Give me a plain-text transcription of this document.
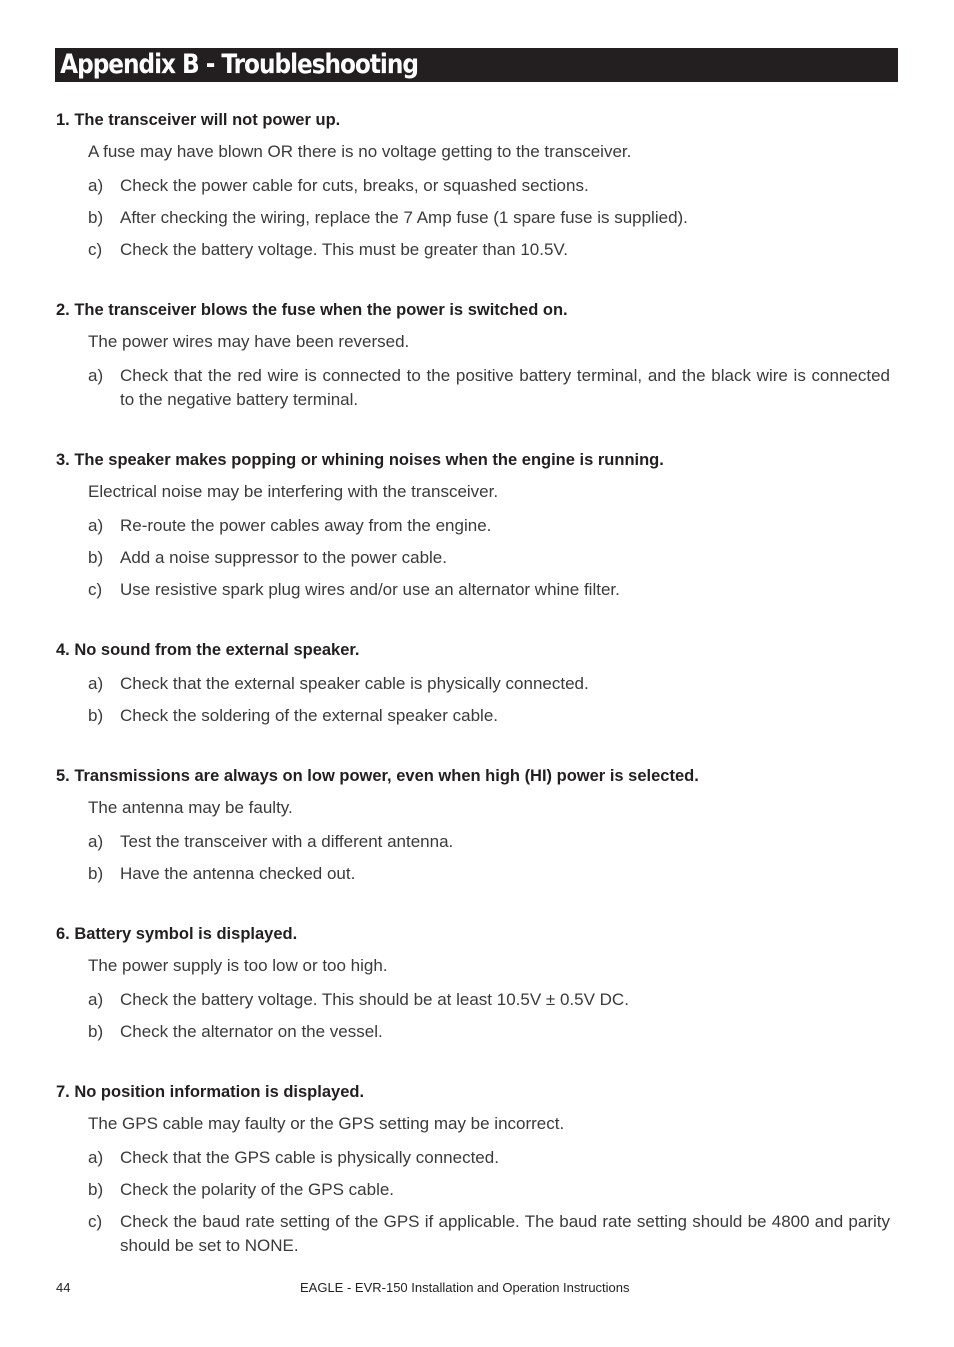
Appendix B - Troubleshooting
1. The transceiver will not power up.
A fuse may have blown OR there is no voltage getting to the transceiver.
a) Check the power cable for cuts, breaks, or squashed sections.
b) After checking the wiring, replace the 7 Amp fuse (1 spare fuse is supplied).
c)	Check the battery voltage. This must be greater than 10.5V.
2. The transceiver blows the fuse when the power is switched on.
The power wires may have been reversed.
a) Check that the red wire is connected to the positive battery terminal, and the black wire is connected to the negative battery terminal.
3. The speaker makes popping or whining noises when the engine is running.
Electrical noise may be interfering with the transceiver.
a) Re-route the power cables away from the engine.
b) Add a noise suppressor to the power cable.
c)	Use resistive spark plug wires and/or use an alternator whine filter.
4. No sound from the external speaker.
a) Check that the external speaker cable is physically connected.
b) Check the soldering of the external speaker cable.
5. Transmissions are always on low power, even when high (HI) power is selected.
The antenna may be faulty.
a) Test the transceiver with a different antenna.
b) Have the antenna checked out.
6. Battery symbol is displayed.
The power supply is too low or too high.
a) Check the battery voltage. This should be at least 10.5V ± 0.5V DC.
b) Check the alternator on the vessel.
7. No position information is displayed.
The GPS cable may faulty or the GPS setting may be incorrect.
a) Check that the GPS cable is physically connected.
b) Check the polarity of the GPS cable.
c)	Check the baud rate setting of the GPS if applicable. The baud rate setting should be 4800 and parity should be set to NONE.
44	EAGLE - EVR-150 Installation and Operation Instructions
